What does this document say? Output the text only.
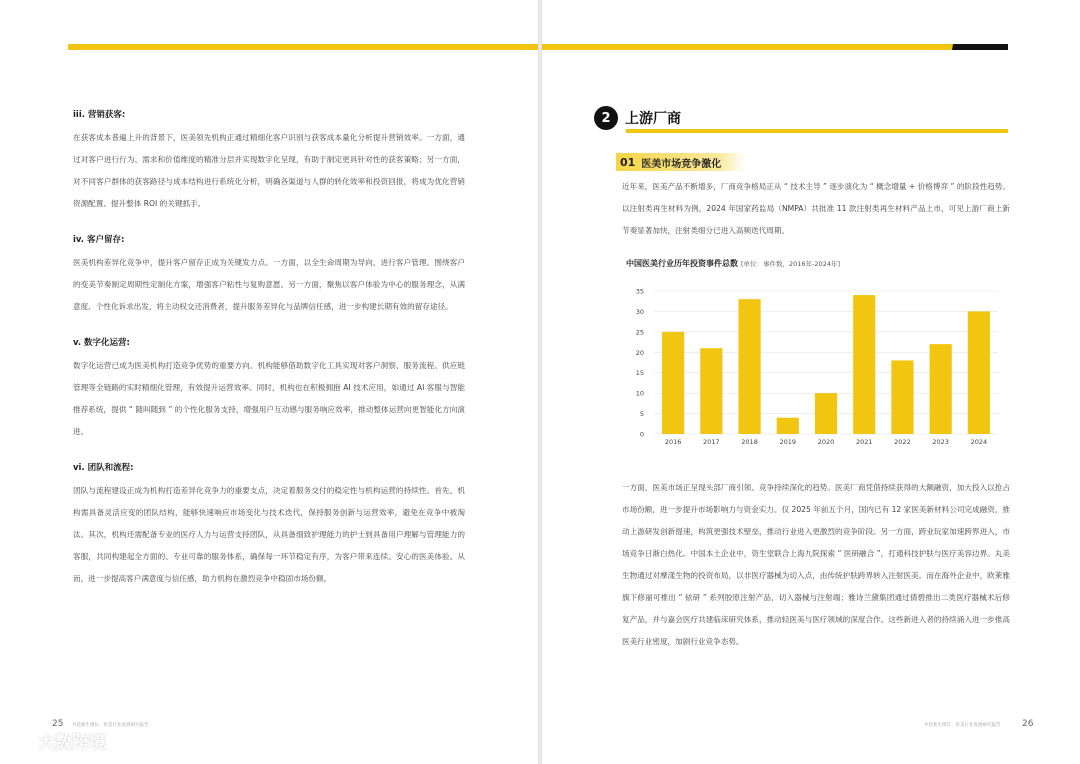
iii. 营销获客:

在获客成本普遍上升的背景下，医美领先机构正通过精细化客户识别与获客成本量化分析提升营销效率。一方面，通过对客户进行行为、需求和价值维度的精准分层并实现数字化呈现，有助于制定更具针对性的获客策略；另一方面，对不同客户群体的获客路径与成本结构进行系统化分析，明确各渠道与人群的转化效率和投资回报，将成为优化营销资源配置、提升整体 ROI 的关键抓手。

iv. 客户留存:

医美机构差异化竞争中，提升客户留存正成为关键发力点。一方面，以全生命周期为导向，进行客户管理。围绕客户的变美节奏制定周期性定制化方案，增强客户粘性与复购意愿。另一方面，聚焦以客户体验为中心的服务理念，从满意度、个性化诉求出发，将主动权交还消费者，提升服务差异化与品牌信任感，进一步构建长期有效的留存途径。

v. 数字化运营:

数字化运营已成为医美机构打造竞争优势的重要方向。机构能够借助数字化工具实现对客户洞察、服务流程、供应链管理等全链路的实时精细化管理，有效提升运营效率。同时，机构也在积极拥抱 AI 技术应用，如通过 AI 客服与智能推荐系统，提供 “ 随叫随到 ” 的个性化服务支持，增强用户互动感与服务响应效率，推动整体运营向更智能化方向演进。

vi. 团队和流程:

团队与流程建设正成为机构打造差异化竞争力的重要支点，决定着服务交付的稳定性与机构运营的持续性。首先，机构需具备灵活应变的团队结构，能够快速响应市场变化与技术迭代，保持服务创新与运营效率，避免在竞争中被淘汰。其次，机构还需配备专业的医疗人力与运营支持团队，从具备细致护理能力的护士到具备用户理解与管理能力的客服，共同构建起全方面的、专业可靠的服务体系，确保每一环节稳定有序，为客户带来连续、安心的医美体验。从而，进一步提高客户满意度与信任感，助力机构在激烈竞争中稳固市场份额。

25 共赴新生增长：医美行业发展研究报告
大数跨境
2	上游厂商
01 医美市场竞争激化

近年来，医美产品不断增多，厂商竞争格局正从 “ 技术主导 ” 逐步演化为 “ 概念增量 + 价格博弈 ” 的阶段性趋势。以注射类再生材料为例，2024 年国家药监局（NMPA）共批准 11 款注射类再生材料产品上市，可见上游厂商上新节奏显著加快，注射类细分已进入高频迭代周期。

中国医美行业历年投资事件总数 [单位：事件数，2016年-2024年]
0
5
10
15
20
25
30
35
2016	2017	2018	2019	2020	2021	2022	2023	2024

一方面，医美市场正呈现头部厂商引领、竞争持续深化的趋势。医美厂商凭借持续获得的大额融资，加大投入以抢占市场份额，进一步提升市场影响力与资金实力。仅 2025 年前五个月，国内已有 12 家医美新材料公司完成融资，推动上游研发创新提速，构筑更强技术壁垒，推动行业进入更激烈的竞争阶段。另一方面，跨业玩家加速跨界进入，市场竞争日渐白热化。中国本土企业中，资生堂联合上海九院探索 “ 医研融合 ”，打通科技护肤与医疗美容边界。丸美生物通过对摩漾生物的投资布局，以非医疗器械为切入点，由传统护肤跨界转入注射医美。而在海外企业中，欧莱雅旗下修丽可推出 “ 铱研 ” 系列胶原注射产品，切入器械与注射端；雅诗兰黛集团通过倩碧推出二类医疗器械术后修复产品，并与嘉会医疗共建临床研究体系，推动轻医美与医疗领域的深度合作。这些新进入者的持续涌入进一步推高医美行业密度，加剧行业竞争态势。

共赴新生增长：医美行业发展研究报告 26
